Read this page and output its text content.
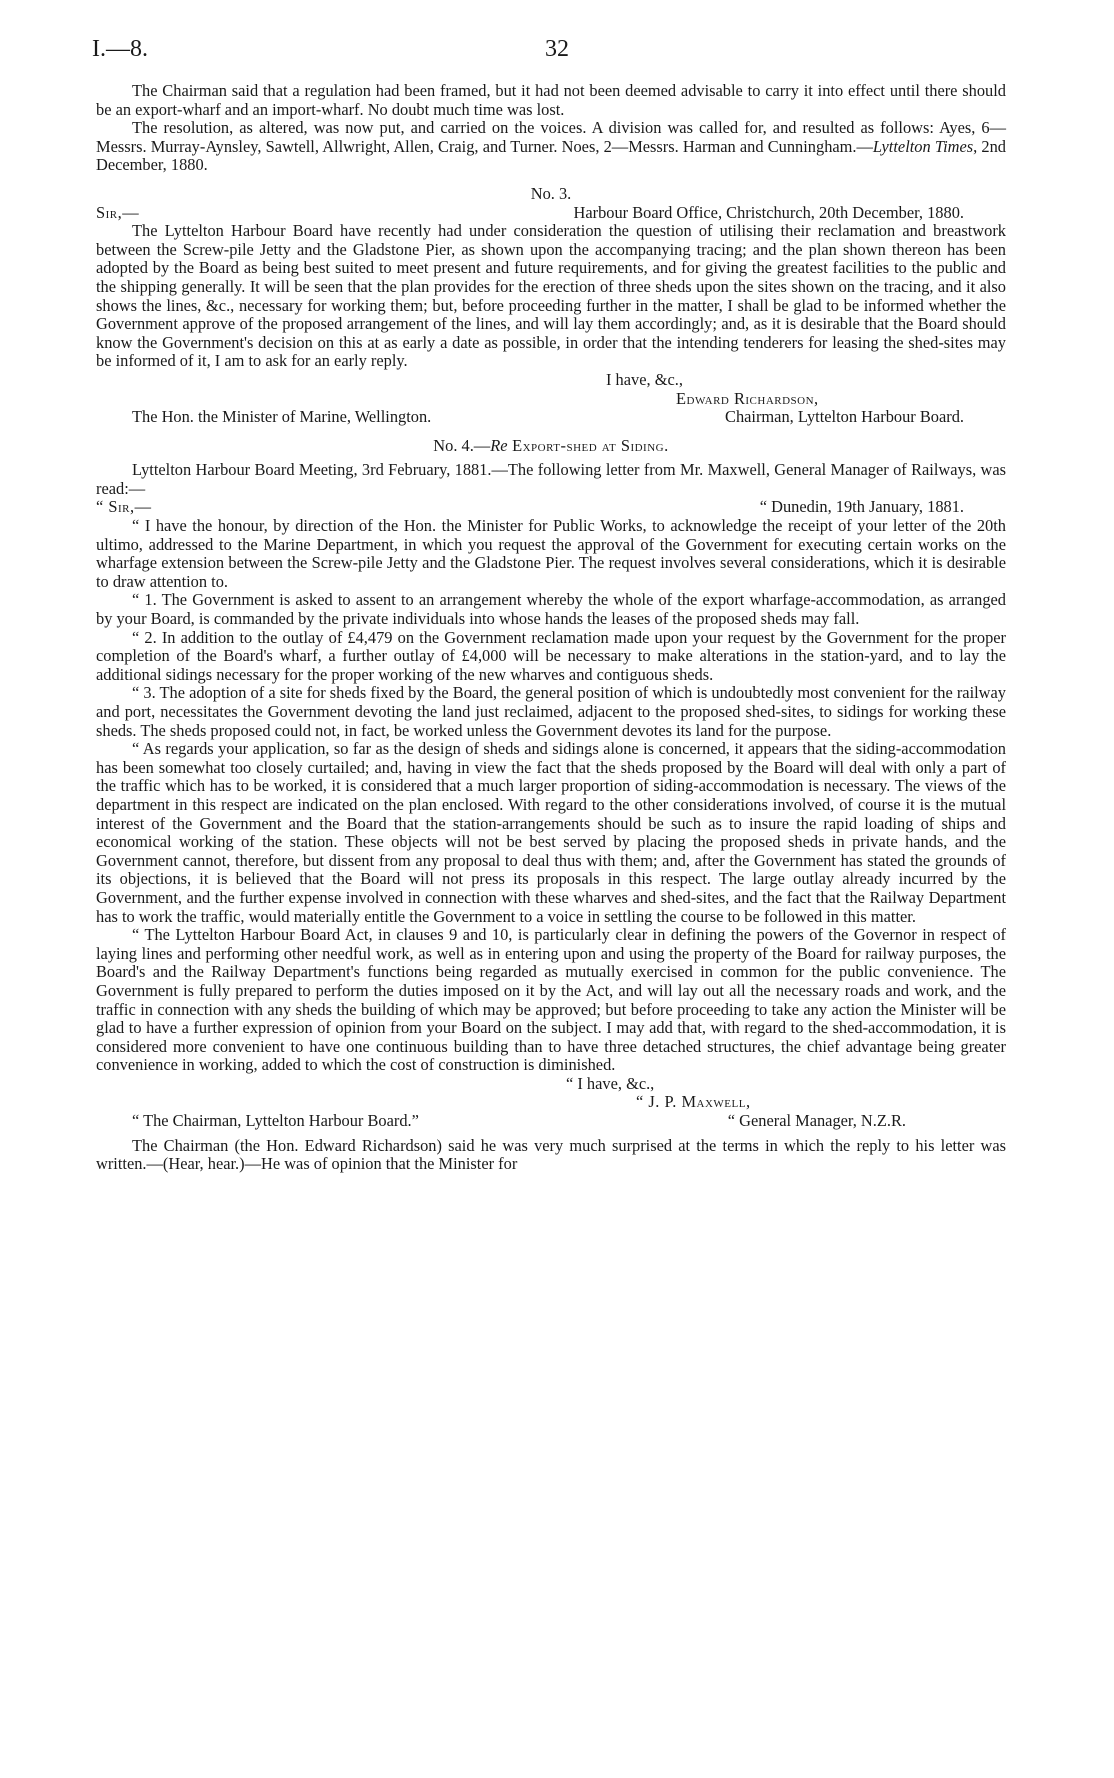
I.—8.	32

The Chairman said that a regulation had been framed, but it had not been deemed advisable to carry it into effect until there should be an export-wharf and an import-wharf. No doubt much time was lost.

The resolution, as altered, was now put, and carried on the voices. A division was called for, and resulted as follows: Ayes, 6—Messrs. Murray-Aynsley, Sawtell, Allwright, Allen, Craig, and Turner. Noes, 2—Messrs. Harman and Cunningham.—Lyttelton Times, 2nd December, 1880.

No. 3.

Sir,—	Harbour Board Office, Christchurch, 20th December, 1880.

The Lyttelton Harbour Board have recently had under consideration the question of utilising their reclamation and breastwork between the Screw-pile Jetty and the Gladstone Pier, as shown upon the accompanying tracing; and the plan shown thereon has been adopted by the Board as being best suited to meet present and future requirements, and for giving the greatest facilities to the public and the shipping generally. It will be seen that the plan provides for the erection of three sheds upon the sites shown on the tracing, and it also shows the lines, &c., necessary for working them; but, before proceeding further in the matter, I shall be glad to be informed whether the Government approve of the proposed arrangement of the lines, and will lay them accordingly; and, as it is desirable that the Board should know the Government's decision on this at as early a date as possible, in order that the intending tenderers for leasing the shed-sites may be informed of it, I am to ask for an early reply.

I have, &c.,

Edward Richardson,

The Hon. the Minister of Marine, Wellington.	Chairman, Lyttelton Harbour Board.

No. 4.—Re Export-shed at Siding.

Lyttelton Harbour Board Meeting, 3rd February, 1881.—The following letter from Mr. Maxwell, General Manager of Railways, was read:—

“ Sir,—	“ Dunedin, 19th January, 1881.

“ I have the honour, by direction of the Hon. the Minister for Public Works, to acknowledge the receipt of your letter of the 20th ultimo, addressed to the Marine Department, in which you request the approval of the Government for executing certain works on the wharfage extension between the Screw-pile Jetty and the Gladstone Pier. The request involves several considerations, which it is desirable to draw attention to.

“ 1. The Government is asked to assent to an arrangement whereby the whole of the export wharfage-accommodation, as arranged by your Board, is commanded by the private individuals into whose hands the leases of the proposed sheds may fall.

“ 2. In addition to the outlay of £4,479 on the Government reclamation made upon your request by the Government for the proper completion of the Board's wharf, a further outlay of £4,000 will be necessary to make alterations in the station-yard, and to lay the additional sidings necessary for the proper working of the new wharves and contiguous sheds.

“ 3. The adoption of a site for sheds fixed by the Board, the general position of which is undoubtedly most convenient for the railway and port, necessitates the Government devoting the land just reclaimed, adjacent to the proposed shed-sites, to sidings for working these sheds. The sheds proposed could not, in fact, be worked unless the Government devotes its land for the purpose.

“ As regards your application, so far as the design of sheds and sidings alone is concerned, it appears that the siding-accommodation has been somewhat too closely curtailed; and, having in view the fact that the sheds proposed by the Board will deal with only a part of the traffic which has to be worked, it is considered that a much larger proportion of siding-accommodation is necessary. The views of the department in this respect are indicated on the plan enclosed. With regard to the other considerations involved, of course it is the mutual interest of the Government and the Board that the station-arrangements should be such as to insure the rapid loading of ships and economical working of the station. These objects will not be best served by placing the proposed sheds in private hands, and the Government cannot, therefore, but dissent from any proposal to deal thus with them; and, after the Government has stated the grounds of its objections, it is believed that the Board will not press its proposals in this respect. The large outlay already incurred by the Government, and the further expense involved in connection with these wharves and shed-sites, and the fact that the Railway Department has to work the traffic, would materially entitle the Government to a voice in settling the course to be followed in this matter.

“ The Lyttelton Harbour Board Act, in clauses 9 and 10, is particularly clear in defining the powers of the Governor in respect of laying lines and performing other needful work, as well as in entering upon and using the property of the Board for railway purposes, the Board's and the Railway Department's functions being regarded as mutually exercised in common for the public convenience. The Government is fully prepared to perform the duties imposed on it by the Act, and will lay out all the necessary roads and work, and the traffic in connection with any sheds the building of which may be approved; but before proceeding to take any action the Minister will be glad to have a further expression of opinion from your Board on the subject. I may add that, with regard to the shed-accommodation, it is considered more convenient to have one continuous building than to have three detached structures, the chief advantage being greater convenience in working, added to which the cost of construction is diminished.

“ I have, &c.,

“ J. P. Maxwell,

“ The Chairman, Lyttelton Harbour Board.”	“ General Manager, N.Z.R.

The Chairman (the Hon. Edward Richardson) said he was very much surprised at the terms in which the reply to his letter was written.—(Hear, hear.)—He was of opinion that the Minister for
